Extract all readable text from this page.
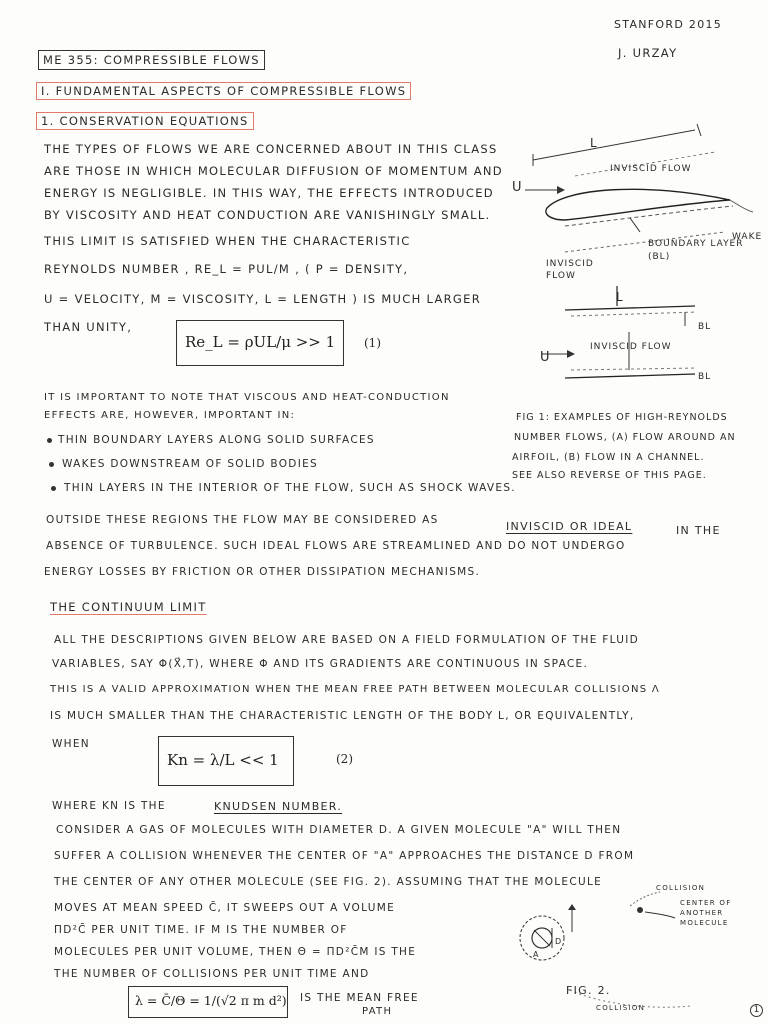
STANFORD 2015
J. URZAY
ME 355: COMPRESSIBLE FLOWS
I. FUNDAMENTAL ASPECTS OF COMPRESSIBLE FLOWS
1. CONSERVATION EQUATIONS
THE TYPES OF FLOWS WE ARE CONCERNED ABOUT IN THIS CLASS
ARE THOSE IN WHICH MOLECULAR DIFFUSION OF MOMENTUM AND
ENERGY IS NEGLIGIBLE. IN THIS WAY, THE EFFECTS INTRODUCED
BY VISCOSITY AND HEAT CONDUCTION ARE VANISHINGLY SMALL.
THIS LIMIT IS SATISFIED WHEN THE CHARACTERISTIC
REYNOLDS NUMBER , RE_L = ΡUL/Μ , ( Ρ = DENSITY,
U = VELOCITY, Μ = VISCOSITY, L = LENGTH ) IS MUCH LARGER
THAN UNITY,
Re_L = ρUL/μ >> 1 (1)
L
INVISCID FLOW
U
WAKE
BOUNDARY LAYER (BL)
INVISCID FLOW
L
BL
INVISCID FLOW
U
BL
FIG 1: EXAMPLES OF HIGH-REYNOLDS
NUMBER FLOWS, (A) FLOW AROUND AN
AIRFOIL, (B) FLOW IN A CHANNEL.
SEE ALSO REVERSE OF THIS PAGE.
IT IS IMPORTANT TO NOTE THAT VISCOUS AND HEAT-CONDUCTION
EFFECTS ARE, HOWEVER, IMPORTANT IN:
THIN BOUNDARY LAYERS ALONG SOLID SURFACES
WAKES DOWNSTREAM OF SOLID BODIES
THIN LAYERS IN THE INTERIOR OF THE FLOW, SUCH AS SHOCK WAVES.
OUTSIDE THESE REGIONS THE FLOW MAY BE CONSIDERED AS	INVISCID OR IDEAL	IN THE
ABSENCE OF TURBULENCE. SUCH IDEAL FLOWS ARE STREAMLINED AND DO NOT UNDERGO
ENERGY LOSSES BY FRICTION OR OTHER DISSIPATION MECHANISMS.
THE CONTINUUM LIMIT
ALL THE DESCRIPTIONS GIVEN BELOW ARE BASED ON A FIELD FORMULATION OF THE FLUID
VARIABLES, SAY Φ(X⃗,T), WHERE Φ AND ITS GRADIENTS ARE CONTINUOUS IN SPACE.
THIS IS A VALID APPROXIMATION WHEN THE MEAN FREE PATH BETWEEN MOLECULAR COLLISIONS Λ
IS MUCH SMALLER THAN THE CHARACTERISTIC LENGTH OF THE BODY L, OR EQUIVALENTLY,
WHEN
Kn = λ/L << 1	(2)
WHERE KN IS THE	KNUDSEN NUMBER.
CONSIDER A GAS OF MOLECULES WITH DIAMETER D. A GIVEN MOLECULE "A" WILL THEN
SUFFER A COLLISION WHENEVER THE CENTER OF "A" APPROACHES THE DISTANCE D FROM
THE CENTER OF ANY OTHER MOLECULE (SEE FIG. 2). ASSUMING THAT THE MOLECULE
MOVES AT MEAN SPEED C̄, IT SWEEPS OUT A VOLUME
ΠD²C̄ PER UNIT TIME. IF M IS THE NUMBER OF
MOLECULES PER UNIT VOLUME, THEN Θ = ΠD²C̄M IS THE
THE NUMBER OF COLLISIONS PER UNIT TIME AND
λ = C̄/Θ = 1/(√2 π m d²) IS THE MEAN FREE
PATH
A
D
COLLISION
CENTER OF ANOTHER MOLECULE
COLLISION
FIG. 2.
1
